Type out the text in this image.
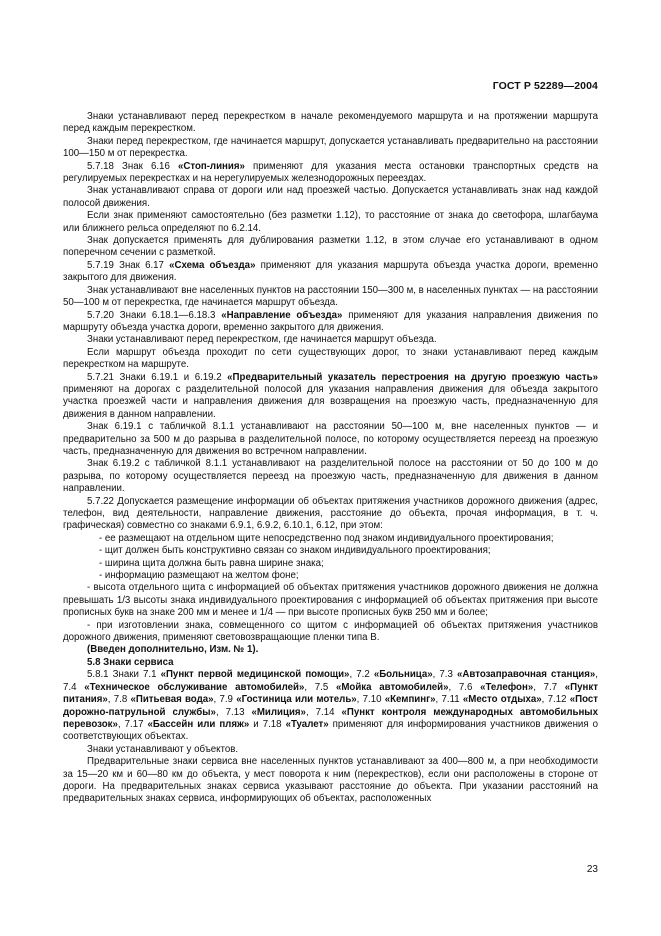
ГОСТ Р 52289—2004

Знаки устанавливают перед перекрестком в начале рекомендуемого маршрута и на протяжении маршрута перед каждым перекрестком.

Знаки перед перекрестком, где начинается маршрут, допускается устанавливать предварительно на расстоянии 100—150 м от перекрестка.

5.7.18 Знак 6.16 «Стоп-линия» применяют для указания места остановки транспортных средств на регулируемых перекрестках и на нерегулируемых железнодорожных переездах.

Знак устанавливают справа от дороги или над проезжей частью. Допускается устанавливать знак над каждой полосой движения.

Если знак применяют самостоятельно (без разметки 1.12), то расстояние от знака до светофора, шлагбаума или ближнего рельса определяют по 6.2.14.

Знак допускается применять для дублирования разметки 1.12, в этом случае его устанавливают в одном поперечном сечении с разметкой.

5.7.19 Знак 6.17 «Схема объезда» применяют для указания маршрута объезда участка дороги, временно закрытого для движения.

Знак устанавливают вне населенных пунктов на расстоянии 150—300 м, в населенных пунктах — на расстоянии 50—100 м от перекрестка, где начинается маршрут объезда.

5.7.20 Знаки 6.18.1—6.18.3 «Направление объезда» применяют для указания направления движения по маршруту объезда участка дороги, временно закрытого для движения.

Знаки устанавливают перед перекрестком, где начинается маршрут объезда.

Если маршрут объезда проходит по сети существующих дорог, то знаки устанавливают перед каждым перекрестком на маршруте.

5.7.21 Знаки 6.19.1 и 6.19.2 «Предварительный указатель перестроения на другую проезжую часть» применяют на дорогах с разделительной полосой для указания направления движения для объезда закрытого участка проезжей части и направления движения для возвращения на проезжую часть, предназначенную для движения в данном направлении.

Знак 6.19.1 с табличкой 8.1.1 устанавливают на расстоянии 50—100 м, вне населенных пунктов — и предварительно за 500 м до разрыва в разделительной полосе, по которому осуществляется переезд на проезжую часть, предназначенную для движения во встречном направлении.

Знак 6.19.2 с табличкой 8.1.1 устанавливают на разделительной полосе на расстоянии от 50 до 100 м до разрыва, по которому осуществляется переезд на проезжую часть, предназначенную для движения в данном направлении.

5.7.22 Допускается размещение информации об объектах притяжения участников дорожного движения (адрес, телефон, вид деятельности, направление движения, расстояние до объекта, прочая информация, в т. ч. графическая) совместно со знаками 6.9.1, 6.9.2, 6.10.1, 6.12, при этом:

- ее размещают на отдельном щите непосредственно под знаком индивидуального проектирования;

- щит должен быть конструктивно связан со знаком индивидуального проектирования;

- ширина щита должна быть равна ширине знака;

- информацию размещают на желтом фоне;

- высота отдельного щита с информацией об объектах притяжения участников дорожного движения не должна превышать 1/3 высоты знака индивидуального проектирования с информацией об объектах притяжения при высоте прописных букв на знаке 200 мм и менее и 1/4 — при высоте прописных букв 250 мм и более;

- при изготовлении знака, совмещенного со щитом с информацией об объектах притяжения участников дорожного движения, применяют световозвращающие пленки типа В.

(Введен дополнительно, Изм. № 1).

5.8 Знаки сервиса

5.8.1 Знаки 7.1 «Пункт первой медицинской помощи», 7.2 «Больница», 7.3 «Автозаправочная станция», 7.4 «Техническое обслуживание автомобилей», 7.5 «Мойка автомобилей», 7.6 «Телефон», 7.7 «Пункт питания», 7.8 «Питьевая вода», 7.9 «Гостиница или мотель», 7.10 «Кемпинг», 7.11 «Место отдыха», 7.12 «Пост дорожно-патрульной службы», 7.13 «Милиция», 7.14 «Пункт контроля международных автомобильных перевозок», 7.17 «Бассейн или пляж» и 7.18 «Туалет» применяют для информирования участников движения о соответствующих объектах.

Знаки устанавливают у объектов.

Предварительные знаки сервиса вне населенных пунктов устанавливают за 400—800 м, а при необходимости за 15—20 км и 60—80 км до объекта, у мест поворота к ним (перекрестков), если они расположены в стороне от дороги. На предварительных знаках сервиса указывают расстояние до объекта. При указании расстояний на предварительных знаках сервиса, информирующих об объектах, расположенных

23
